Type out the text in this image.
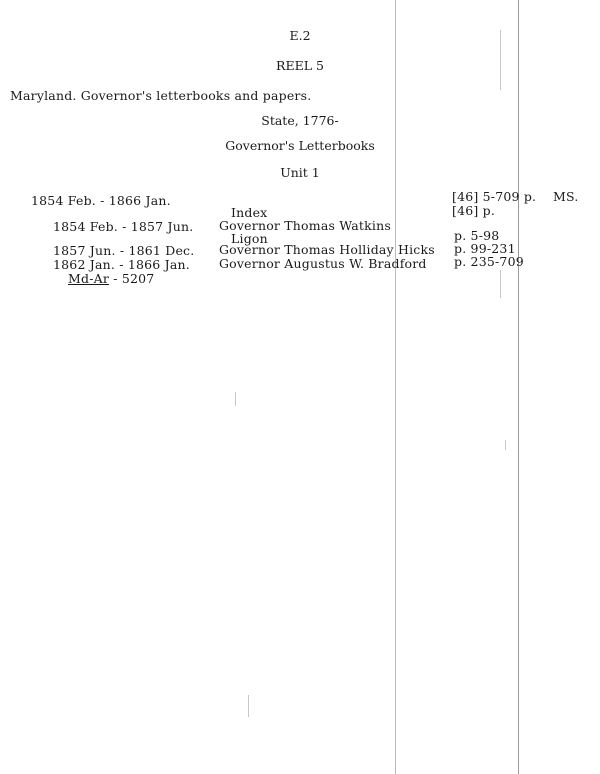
E.2
REEL 5
Maryland. Governor's letterbooks and papers.
State, 1776-
Governor's Letterbooks
Unit 1
1854 Feb. - 1866 Jan.	[46] 5-709 p. MS.
Index	[46] p.
1854 Feb. - 1857 Jun. Governor Thomas Watkins
Ligon	p. 5-98
1857 Jun. - 1861 Dec. Governor Thomas Holliday Hicks p. 99-231
1862 Jan. - 1866 Jan. Governor Augustus W. Bradford p. 235-709
Md-Ar - 5207
